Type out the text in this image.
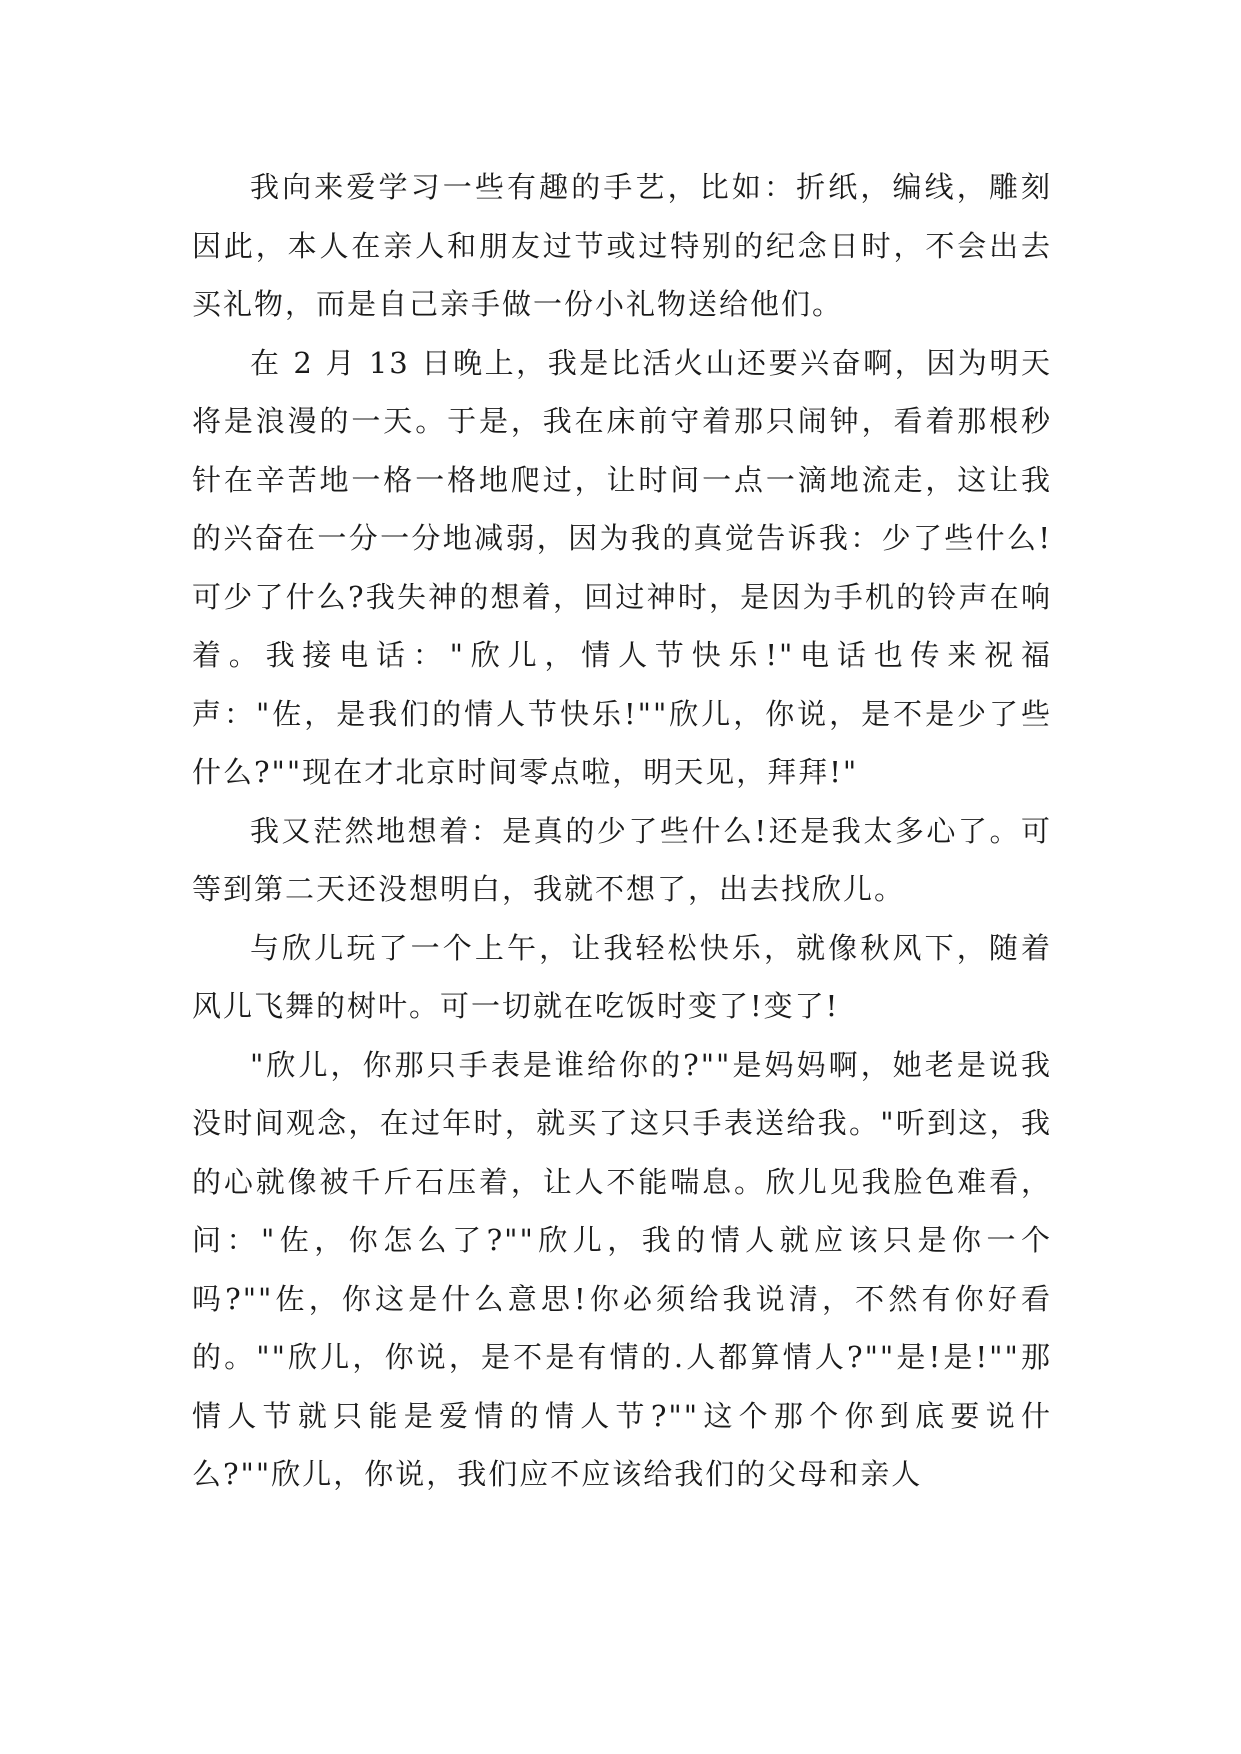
我向来爱学习一些有趣的手艺，比如：折纸，编线，雕刻因此，本人在亲人和朋友过节或过特别的纪念日时，不会出去买礼物，而是自己亲手做一份小礼物送给他们。

在 2 月 13 日晚上，我是比活火山还要兴奋啊，因为明天将是浪漫的一天。于是，我在床前守着那只闹钟，看着那根秒针在辛苦地一格一格地爬过，让时间一点一滴地流走，这让我的兴奋在一分一分地减弱，因为我的真觉告诉我：少了些什么!可少了什么?我失神的想着，回过神时，是因为手机的铃声在响着。我接电话："欣儿，情人节快乐!"电话也传来祝福声："佐，是我们的情人节快乐!""欣儿，你说，是不是少了些什么?""现在才北京时间零点啦，明天见，拜拜!"

我又茫然地想着：是真的少了些什么!还是我太多心了。可等到第二天还没想明白，我就不想了，出去找欣儿。

与欣儿玩了一个上午，让我轻松快乐，就像秋风下，随着风儿飞舞的树叶。可一切就在吃饭时变了!变了!

"欣儿，你那只手表是谁给你的?""是妈妈啊，她老是说我没时间观念，在过年时，就买了这只手表送给我。"听到这，我的心就像被千斤石压着，让人不能喘息。欣儿见我脸色难看，问："佐，你怎么了?""欣儿，我的情人就应该只是你一个吗?""佐，你这是什么意思!你必须给我说清，不然有你好看的。""欣儿，你说，是不是有情的.人都算情人?""是!是!""那情人节就只能是爱情的情人节?""这个那个你到底要说什么?""欣儿，你说，我们应不应该给我们的父母和亲人
